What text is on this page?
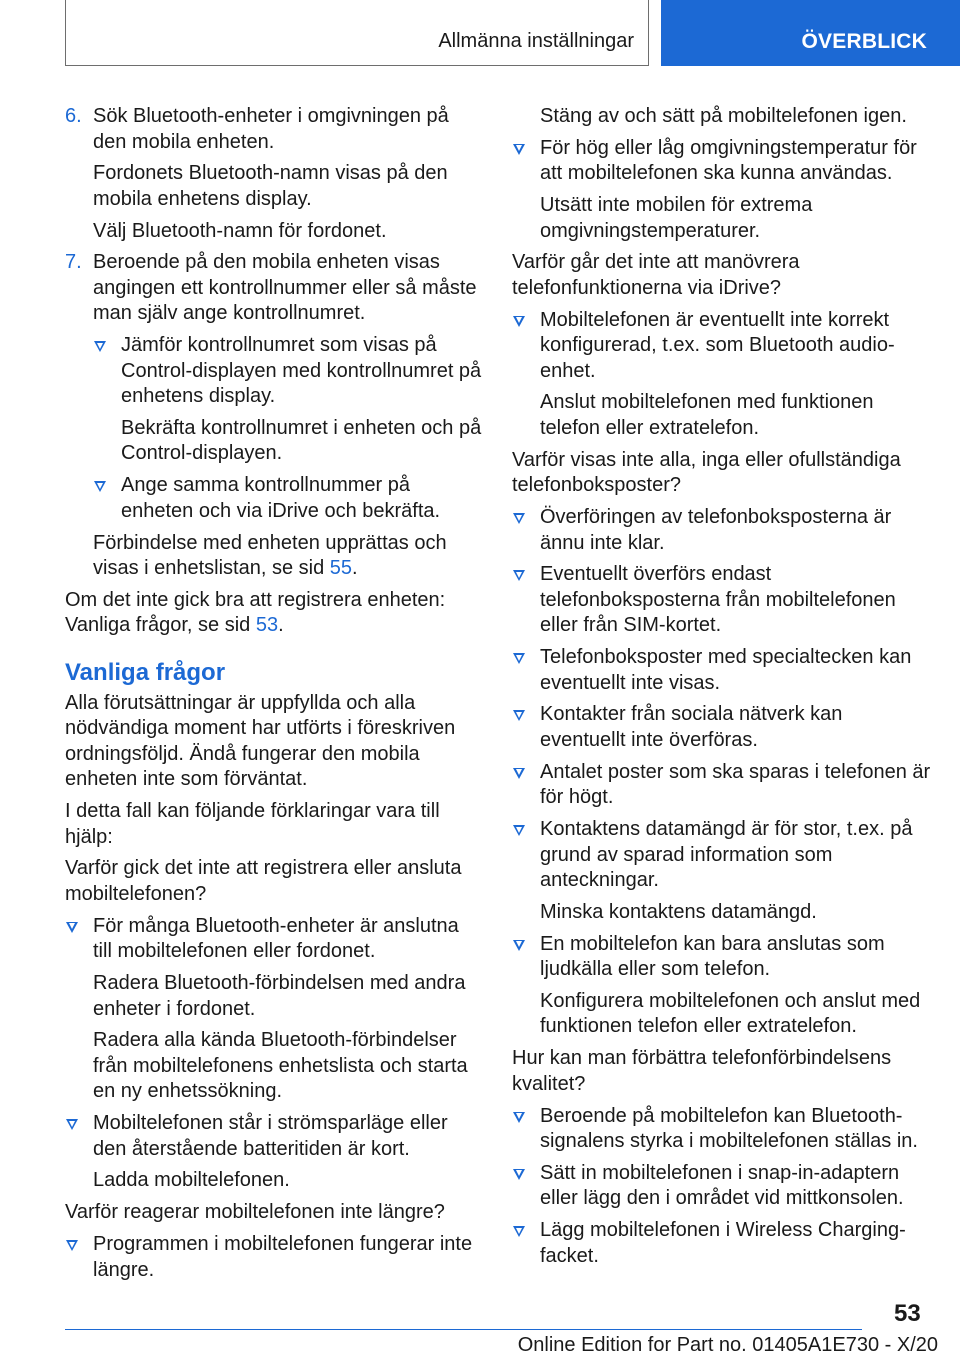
Allmänna inställningar	ÖVERBLICK
6. Sök Bluetooth-enheter i omgivningen på den mobila enheten.
Fordonets Bluetooth-namn visas på den mobila enhetens display.
Välj Bluetooth-namn för fordonet.
7. Beroende på den mobila enheten visas angingen ett kontrollnummer eller så måste man själv ange kontrollnumret.
Jämför kontrollnumret som visas på Control-displayen med kontrollnumret på enhetens display.
Bekräfta kontrollnumret i enheten och på Control-displayen.
Ange samma kontrollnummer på enheten och via iDrive och bekräfta.
Förbindelse med enheten upprättas och visas i enhetslistan, se sid 55.
Om det inte gick bra att registrera enheten: Vanliga frågor, se sid 53.
Vanliga frågor
Alla förutsättningar är uppfyllda och alla nödvändiga moment har utförts i föreskriven ordningsföljd. Ändå fungerar den mobila enheten inte som förväntat.
I detta fall kan följande förklaringar vara till hjälp:
Varför gick det inte att registrera eller ansluta mobiltelefonen?
För många Bluetooth-enheter är anslutna till mobiltelefonen eller fordonet.
Radera Bluetooth-förbindelsen med andra enheter i fordonet.
Radera alla kända Bluetooth-förbindelser från mobiltelefonens enhetslista och starta en ny enhetssökning.
Mobiltelefonen står i strömsparläge eller den återstående batteritiden är kort.
Ladda mobiltelefonen.
Varför reagerar mobiltelefonen inte längre?
Programmen i mobiltelefonen fungerar inte längre.
Stäng av och sätt på mobiltelefonen igen.
För hög eller låg omgivningstemperatur för att mobiltelefonen ska kunna användas.
Utsätt inte mobilen för extrema omgivningstemperaturer.
Varför går det inte att manövrera telefonfunktionerna via iDrive?
Mobiltelefonen är eventuellt inte korrekt konfigurerad, t.ex. som Bluetooth audio-enhet.
Anslut mobiltelefonen med funktionen telefon eller extratelefon.
Varför visas inte alla, inga eller ofullständiga telefonboksposter?
Överföringen av telefonboksposterna är ännu inte klar.
Eventuellt överförs endast telefonboksposterna från mobiltelefonen eller från SIM-kortet.
Telefonboksposter med specialtecken kan eventuellt inte visas.
Kontakter från sociala nätverk kan eventuellt inte överföras.
Antalet poster som ska sparas i telefonen är för högt.
Kontaktens datamängd är för stor, t.ex. på grund av sparad information som anteckningar.
Minska kontaktens datamängd.
En mobiltelefon kan bara anslutas som ljudkälla eller som telefon.
Konfigurera mobiltelefonen och anslut med funktionen telefon eller extratelefon.
Hur kan man förbättra telefonförbindelsens kvalitet?
Beroende på mobiltelefon kan Bluetooth-signalens styrka i mobiltelefonen ställas in.
Sätt in mobiltelefonen i snap-in-adaptern eller lägg den i området vid mittkonsolen.
Lägg mobiltelefonen i Wireless Charging-facket.
53
Online Edition for Part no. 01405A1E730 - X/20
